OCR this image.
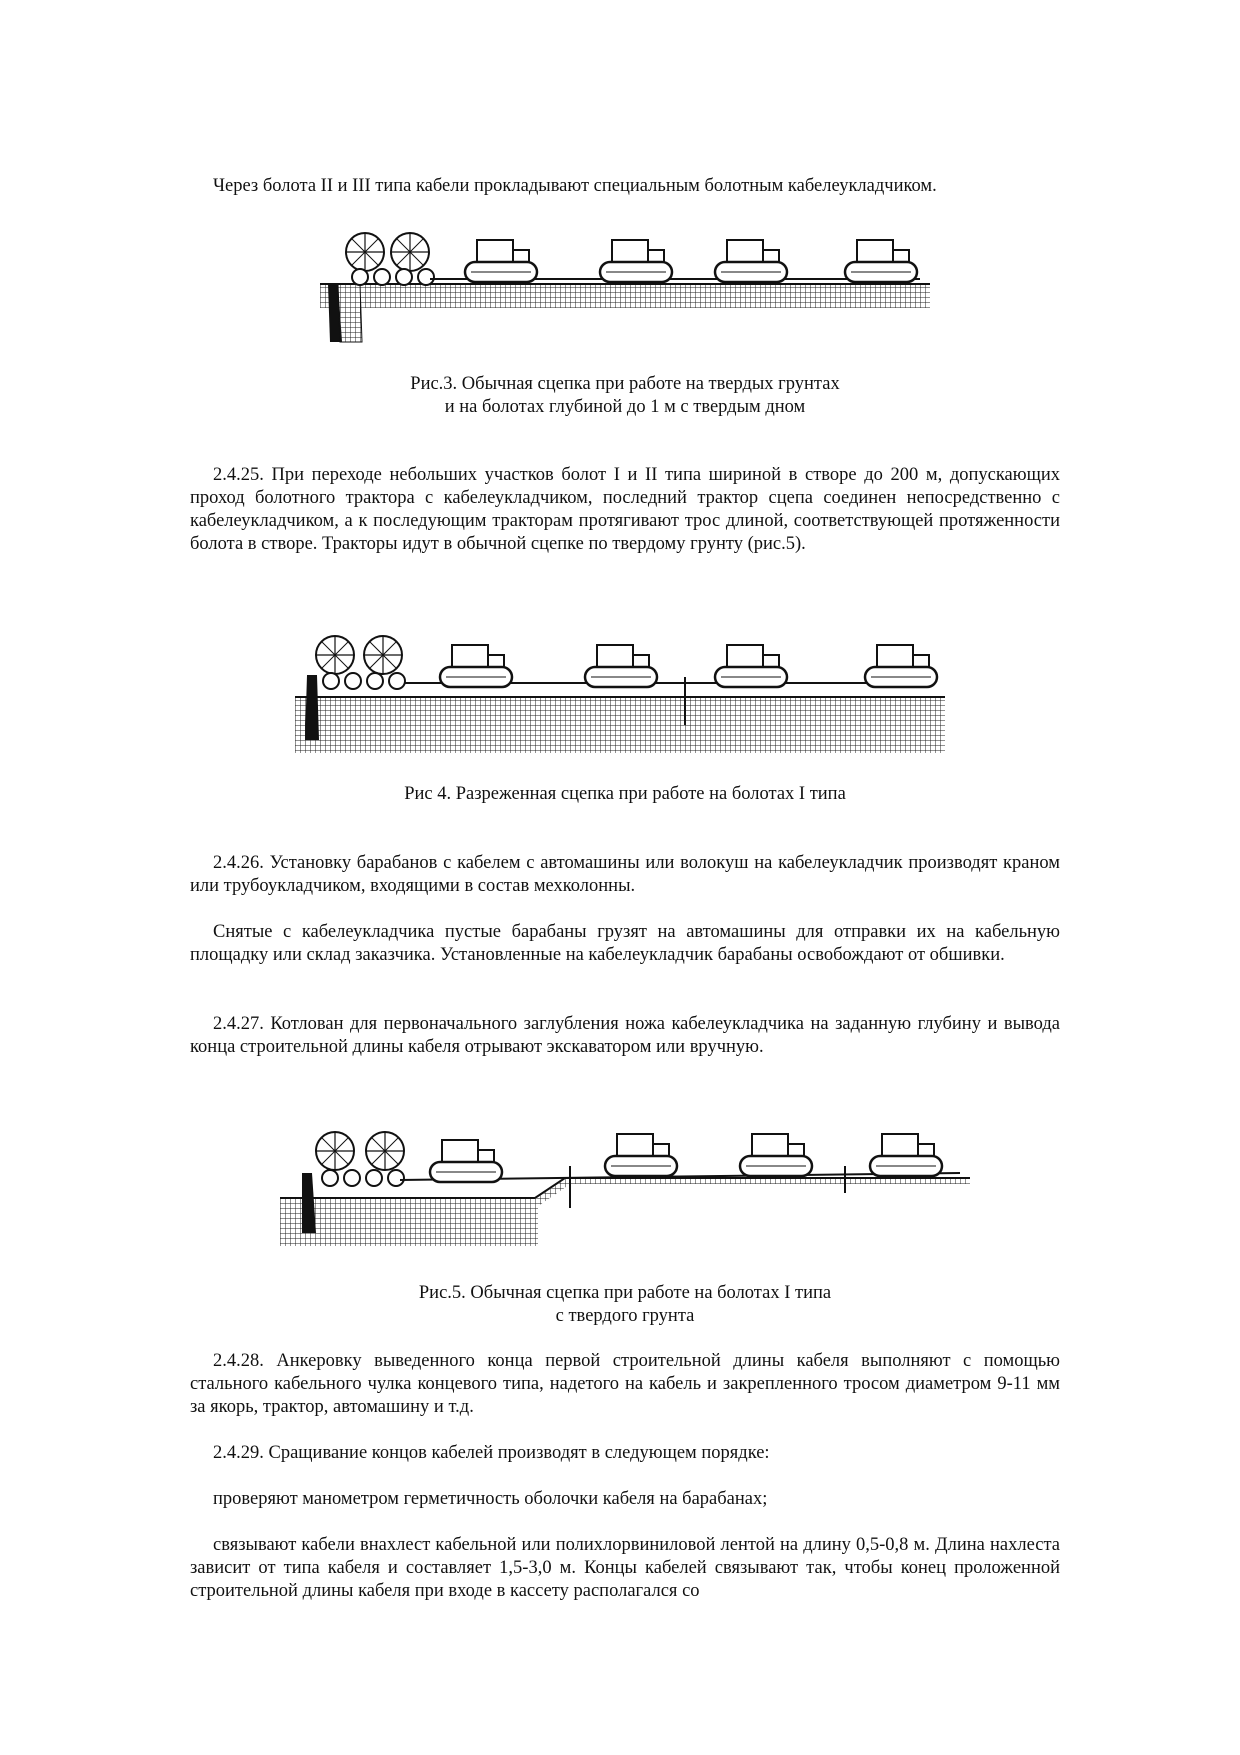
Через болота II и III типа кабели прокладывают специальным болотным кабелеукладчиком.

Рис.3. Обычная сцепка при работе на твердых грунтах

и на болотах глубиной до 1 м с твердым дном

2.4.25. При переходе небольших участков болот I и II типа шириной в створе до 200 м, допускающих проход болотного трактора с кабелеукладчиком, последний трактор сцепа соединен непосредственно с кабелеукладчиком, а к последующим тракторам протягивают трос длиной, соответствующей протяженности болота в створе. Тракторы идут в обычной сцепке по твердому грунту (рис.5).

Рис 4. Разреженная сцепка при работе на болотах I типа

2.4.26. Установку барабанов с кабелем с автомашины или волокуш на кабелеукладчик производят краном или трубоукладчиком, входящими в состав мехколонны.

Снятые с кабелеукладчика пустые барабаны грузят на автомашины для отправки их на кабельную площадку или склад заказчика. Установленные на кабелеукладчик барабаны освобождают от обшивки.

2.4.27. Котлован для первоначального заглубления ножа кабелеукладчика на заданную глубину и вывода конца строительной длины кабеля отрывают экскаватором или вручную.

Рис.5. Обычная сцепка при работе на болотах I типа

с твердого грунта

2.4.28. Анкеровку выведенного конца первой строительной длины кабеля выполняют с помощью стального кабельного чулка концевого типа, надетого на кабель и закрепленного тросом диаметром 9-11 мм за якорь, трактор, автомашину и т.д.

2.4.29. Сращивание концов кабелей производят в следующем порядке:

проверяют манометром герметичность оболочки кабеля на барабанах;

связывают кабели внахлест кабельной или полихлорвиниловой лентой на длину 0,5-0,8 м. Длина нахлеста зависит от типа кабеля и составляет 1,5-3,0 м. Концы кабелей связывают так, чтобы конец проложенной строительной длины кабеля при входе в кассету располагался со
